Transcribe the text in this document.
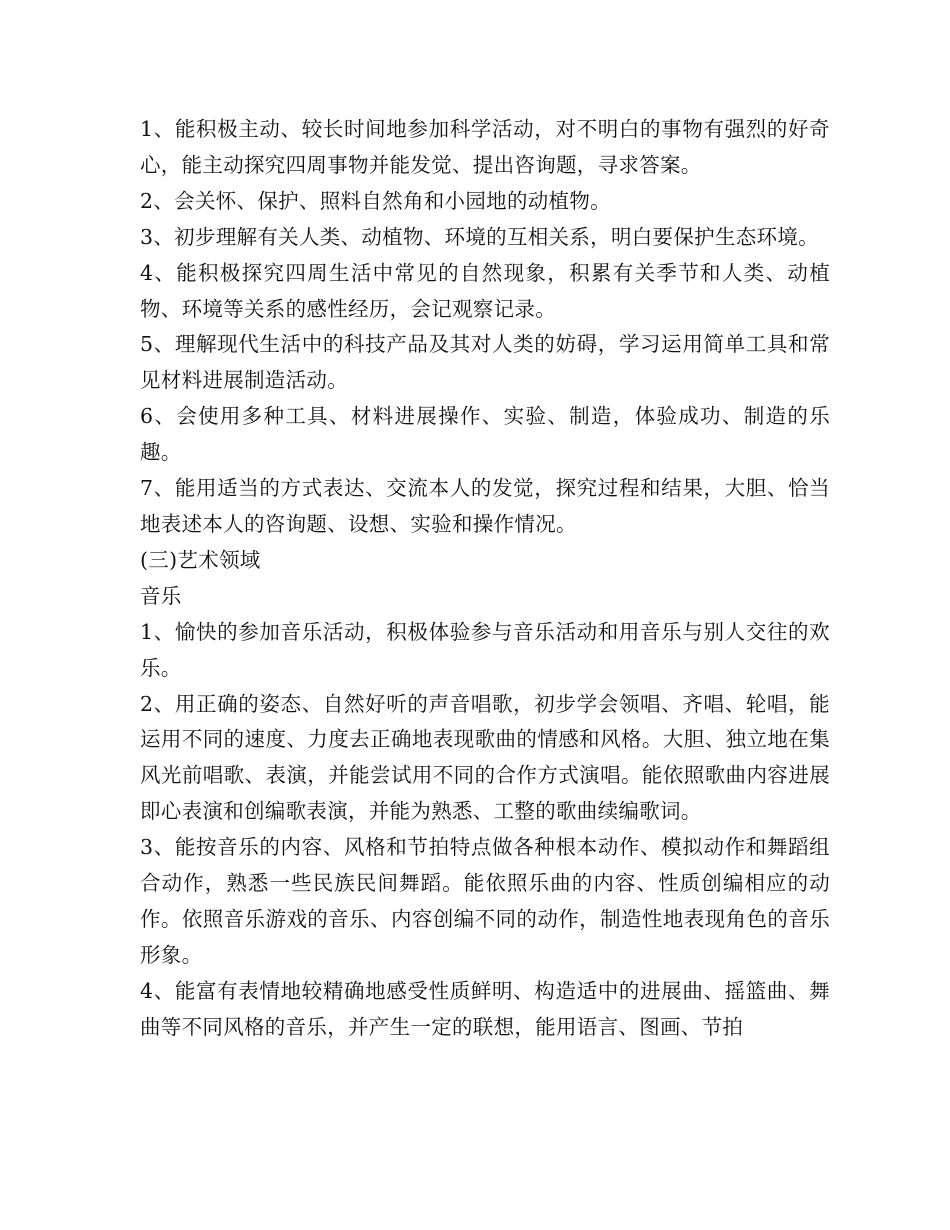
1、能积极主动、较长时间地参加科学活动，对不明白的事物有强烈的好奇心，能主动探究四周事物并能发觉、提出咨询题，寻求答案。

2、会关怀、保护、照料自然角和小园地的动植物。

3、初步理解有关人类、动植物、环境的互相关系，明白要保护生态环境。

4、能积极探究四周生活中常见的自然现象，积累有关季节和人类、动植物、环境等关系的感性经历，会记观察记录。

5、理解现代生活中的科技产品及其对人类的妨碍，学习运用简单工具和常见材料进展制造活动。

6、会使用多种工具、材料进展操作、实验、制造，体验成功、制造的乐趣。

7、能用适当的方式表达、交流本人的发觉，探究过程和结果，大胆、恰当地表述本人的咨询题、设想、实验和操作情况。

(三)艺术领域

音乐

1、愉快的参加音乐活动，积极体验参与音乐活动和用音乐与别人交往的欢乐。

2、用正确的姿态、自然好听的声音唱歌，初步学会领唱、齐唱、轮唱，能运用不同的速度、力度去正确地表现歌曲的情感和风格。大胆、独立地在集风光前唱歌、表演，并能尝试用不同的合作方式演唱。能依照歌曲内容进展即心表演和创编歌表演，并能为熟悉、工整的歌曲续编歌词。

3、能按音乐的内容、风格和节拍特点做各种根本动作、模拟动作和舞蹈组合动作，熟悉一些民族民间舞蹈。能依照乐曲的内容、性质创编相应的动作。依照音乐游戏的音乐、内容创编不同的动作，制造性地表现角色的音乐形象。

4、能富有表情地较精确地感受性质鲜明、构造适中的进展曲、摇篮曲、舞曲等不同风格的音乐，并产生一定的联想，能用语言、图画、节拍
